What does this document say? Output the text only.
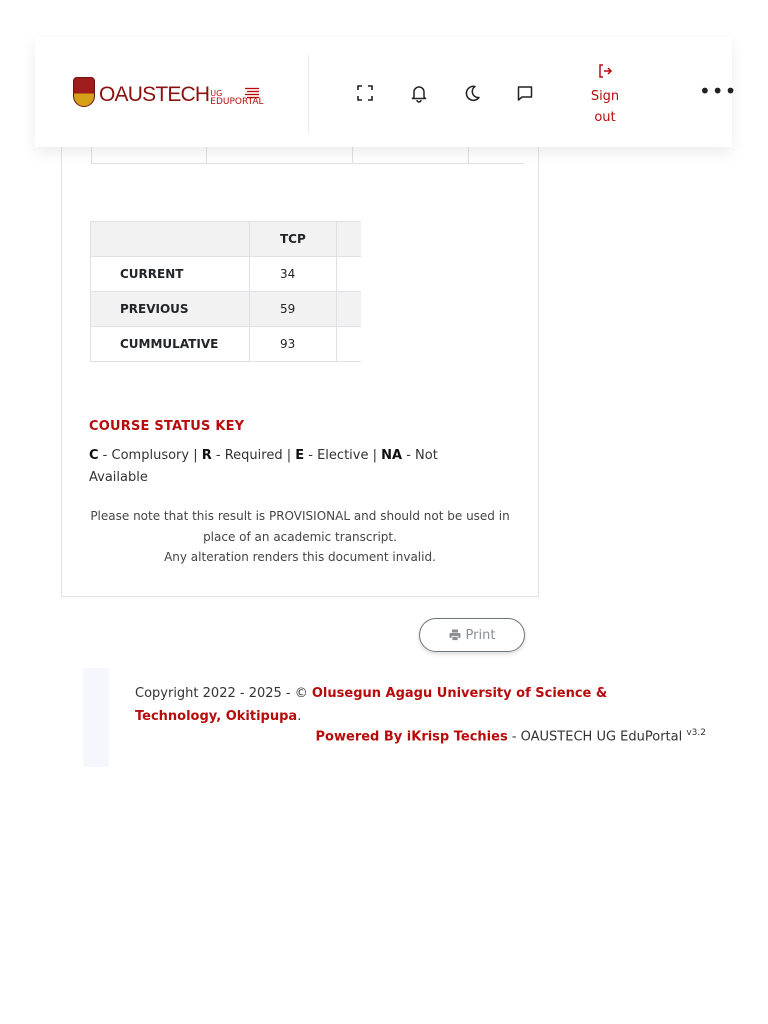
	TCP	
CURRENT	34	
PREVIOUS	59	
CUMMULATIVE	93	
COURSE STATUS KEY
C - Complusory | R - Required | E - Elective | NA - Not Available
Please note that this result is PROVISIONAL and should not be used in place of an academic transcript.
Any alteration renders this document invalid.
OAUSTECH UG
EDUPORTAL	Sign out
•••
Print
Copyright 2022 - 2025 - © Olusegun Agagu University of Science & Technology, Okitipupa.
Powered By iKrisp Techies - OAUSTECH UG EduPortal $^{v3.2}$
